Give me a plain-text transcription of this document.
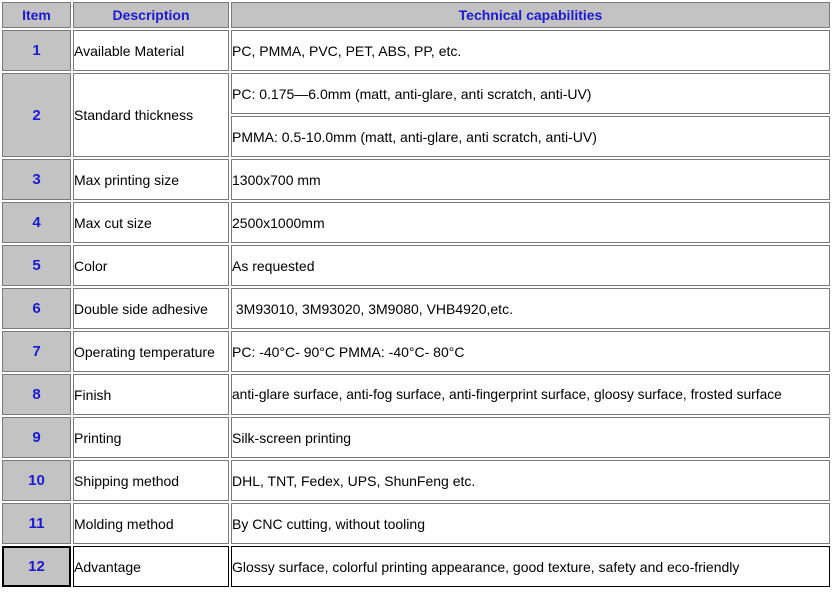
Item	Description	Technical capabilities
1	Available Material	PC, PMMA, PVC, PET, ABS, PP, etc.
2	Standard thickness	PC: 0.175—6.0mm (matt, anti-glare, anti scratch, anti-UV)
		PMMA: 0.5-10.0mm (matt, anti-glare, anti scratch, anti-UV)
3	Max printing size	1300x700 mm
4	Max cut size	2500x1000mm
5	Color	As requested
6	Double side adhesive	3M93010, 3M93020, 3M9080, VHB4920,etc.
7	Operating temperature	PC: -40°C- 90°C PMMA: -40°C- 80°C
8	Finish	anti-glare surface, anti-fog surface, anti-fingerprint surface, gloosy surface, frosted surface
9	Printing	Silk-screen printing
10	Shipping method	DHL, TNT, Fedex, UPS, ShunFeng etc.
11	Molding method	By CNC cutting, without tooling
12	Advantage	Glossy surface, colorful printing appearance, good texture, safety and eco-friendly
